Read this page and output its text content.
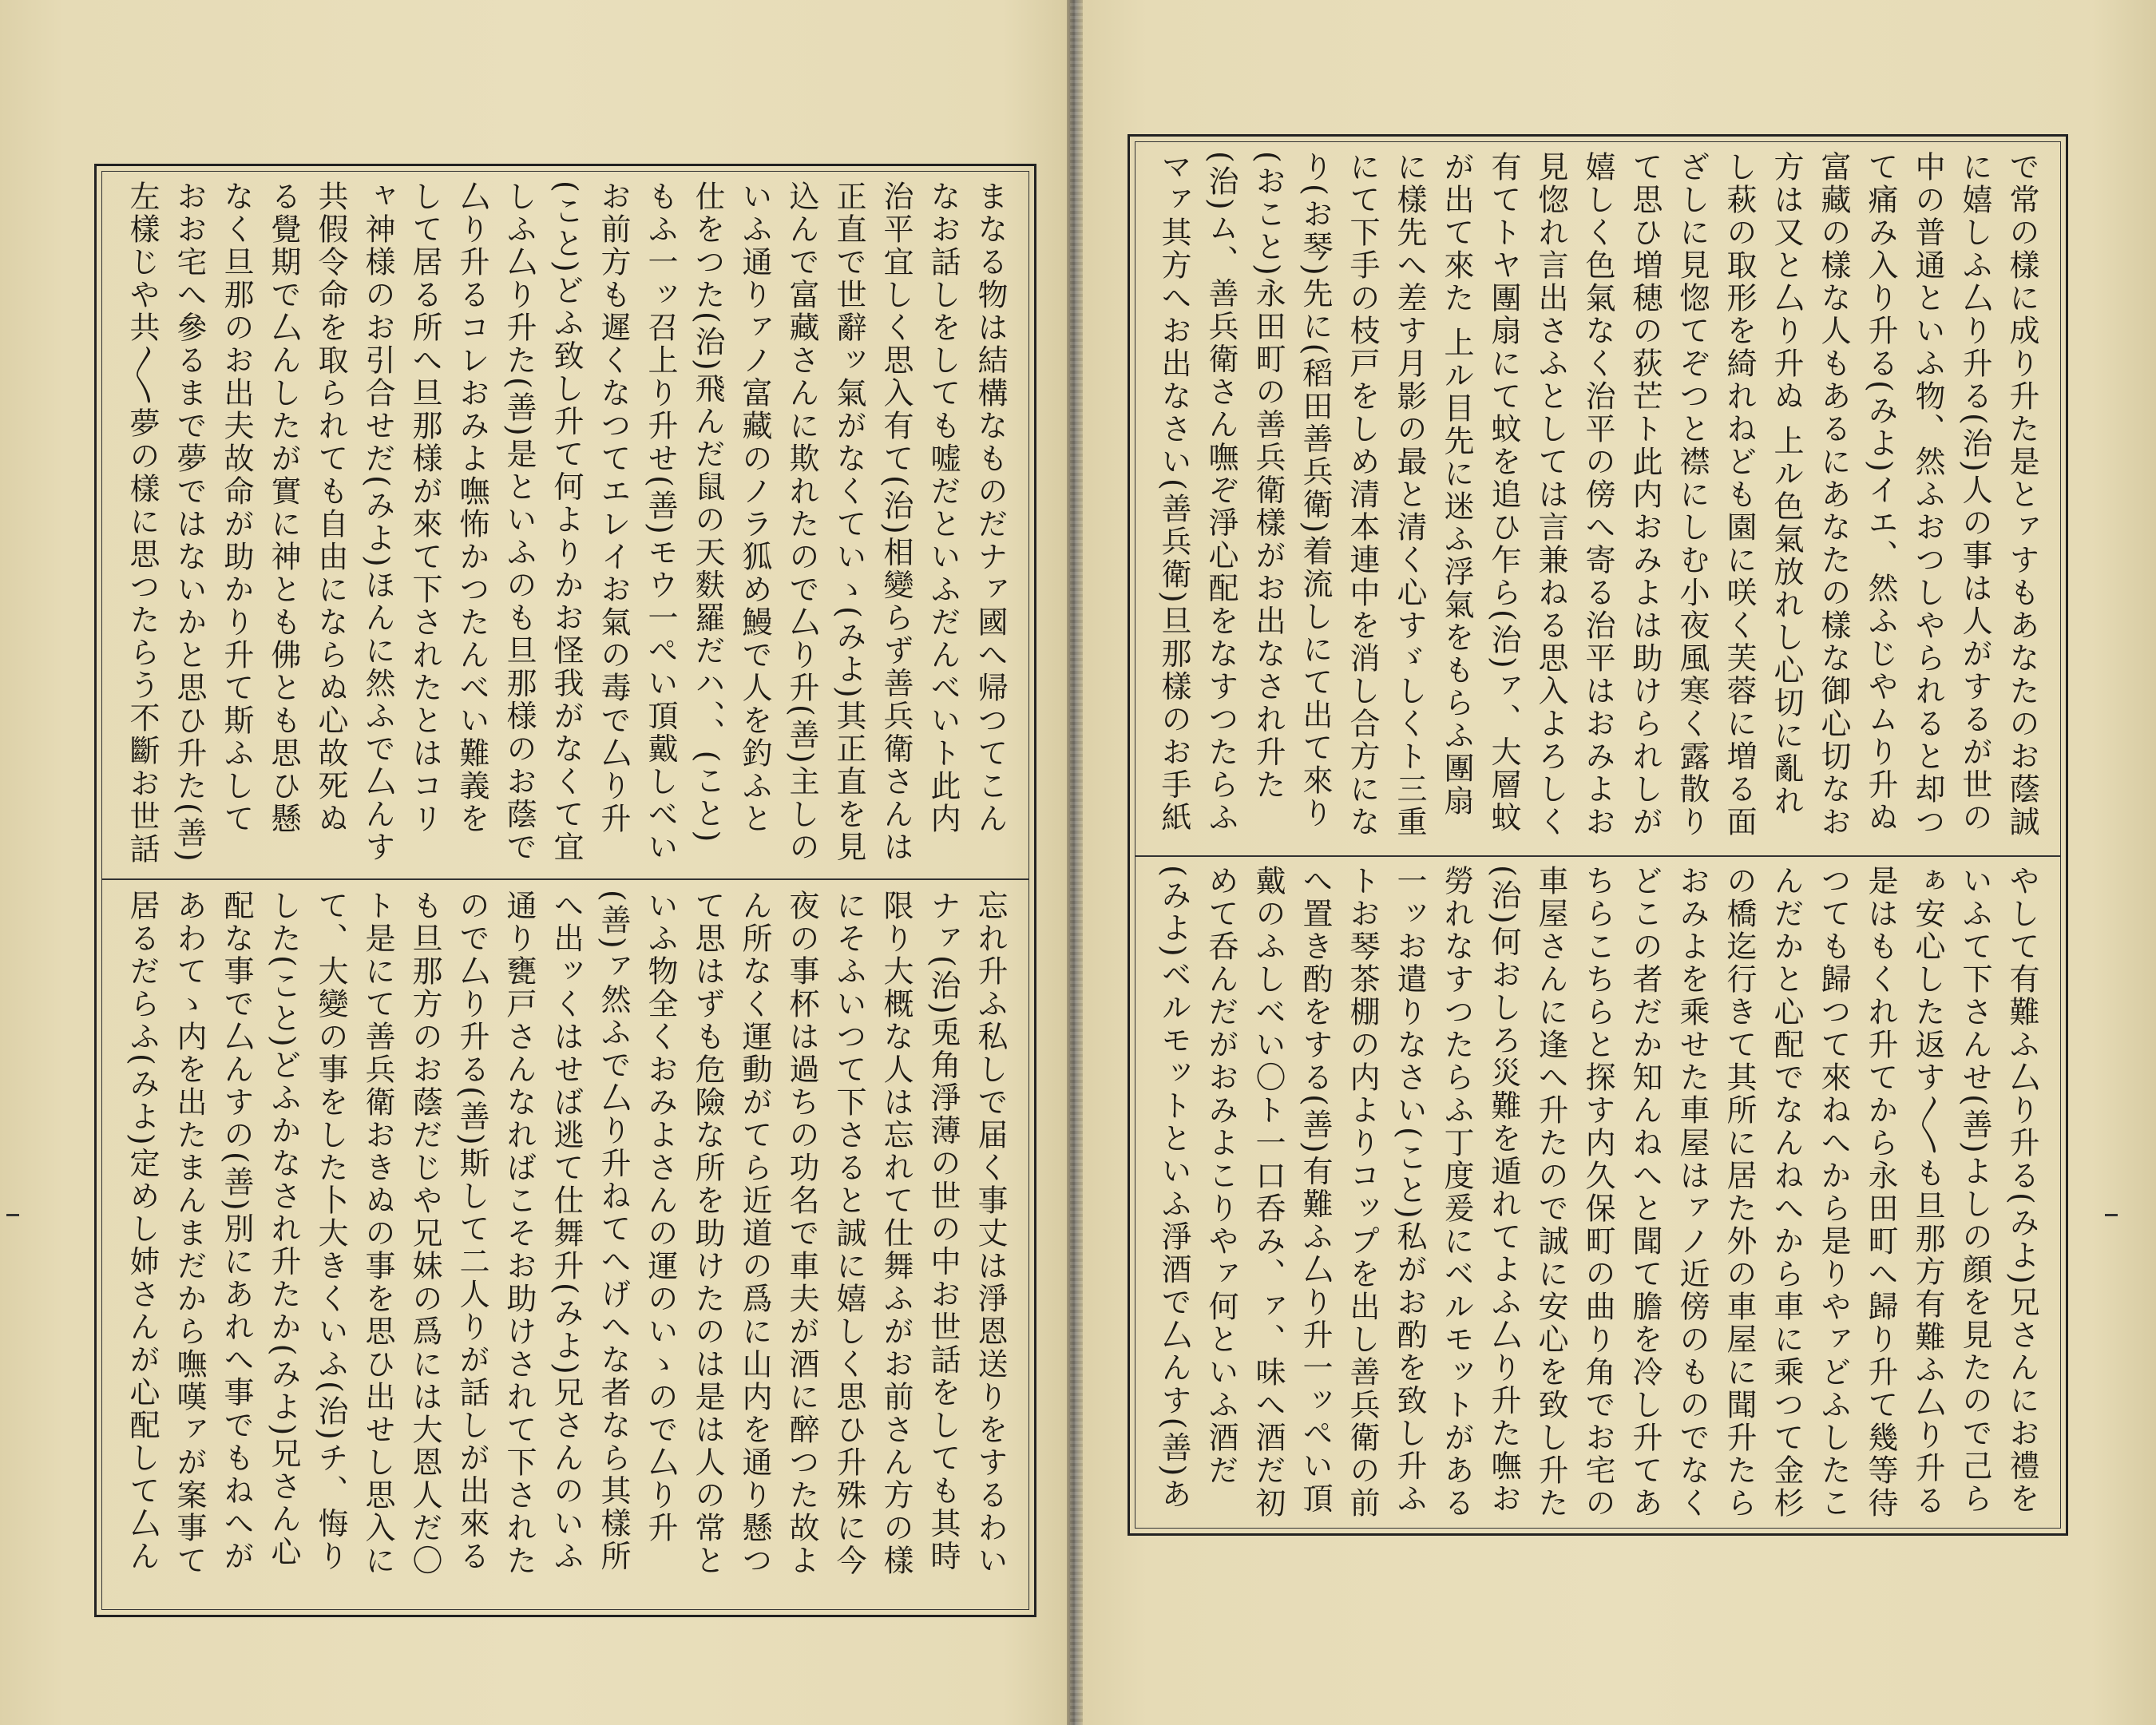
まなる物は結構なものだナァ國へ帰つてこんなお話しをしても嘘だといふだんべいト此内治平宜しく思入有て(治)相變らず善兵衛さんは正直で世辭ッ氣がなくていゝ(みよ)其正直を見込んで富藏さんに欺れたので厶り升(善)主しのいふ通りァノ富藏のノラ狐め鰻で人を釣ふと仕をつた(治)飛んだ鼠の天麩羅だハ、、(こと)もふ一ッ召上り升せ(善)モウ一ぺい頂戴しべいお前方も遲くなつてエレイお氣の毒で厶り升(こと)どふ致し升て何よりかお怪我がなくて宜しふ厶り升た(善)是といふのも旦那様のお蔭で厶り升るコレおみよ嘸怖かつたんべい難義をして居る所へ旦那様が來て下されたとはコリャ神様のお引合せだ(みよ)ほんに然ふで厶んす共假令命を取られても自由にならぬ心故死ぬる覺期で厶んしたが實に神とも佛とも思ひ懸なく旦那のお出夫故命が助かり升て斯ふしておお宅へ參るまで夢ではないかと思ひ升た(善)左樣じや共〳〵夢の樣に思つたらう不斷お世話
忘れ升ふ私しで届く事丈は淨恩送りをするわいナァ(治)兎角淨薄の世の中お世話をしても其時限り大概な人は忘れて仕舞ふがお前さん方の樣にそふいつて下さると誠に嬉しく思ひ升殊に今夜の事杯は過ちの功名で車夫が酒に醉つた故よん所なく運動がてら近道の爲に山内を通り懸つて思はずも危險な所を助けたのは是は人の常といふ物全くおみよさんの運のいゝので厶り升(善)ァ然ふで厶り升ねてへげへな者なら其樣所へ出ッくはせば逃て仕舞升(みよ)兄さんのいふ通り甕戸さんなればこそお助けされて下されたので厶り升る(善)斯して二人りが話しが出來るも旦那方のお蔭だじや兄妹の爲には大恩人だ〇ト是にて善兵衛おきぬの事を思ひ出せし思入にて、大變の事をした卜大きくいふ(治)チ、悔りした(こと)どふかなされ升たか(みよ)兄さん心配な事で厶んすの(善)別にあれへ事でもねへがあわてゝ内を出たまんまだから嘸嘆ァが案事て居るだらふ(みよ)定めし姉さんが心配して厶ん
で常の樣に成り升た是とァすもあなたのお蔭誠に嬉しふ厶り升る(治)人の事は人がするが世の中の普通といふ物、然ふおつしやられると却つて痛み入り升る(みよ)イエ、然ふじやムり升ぬ富藏の樣な人もあるにあなたの樣な御心切なお方は又と厶り升ぬ 上ル色氣放れし心切に亂れし萩の取形を綺れねども園に咲く芙蓉に増る面ざしに見惚てぞつと襟にしむ小夜風寒く露散りて思ひ増穂の荻芒ト此内おみよは助けられしが嬉しく色氣なく治平の傍へ寄る治平はおみよお見惚れ言出さふとしては言兼ねる思入よろしく有てトヤ團扇にて蚊を追ひ乍ら(治)ァ、大層蚊が出て來た 上ル目先に迷ふ浮氣をもらふ團扇に樣先へ差す月影の最と清く心すゞしくト三重にて下手の枝戸をしめ清本連中を消し合方になり(お琴)先に(稻田善兵衛)着流しにて出て來り(おこと)永田町の善兵衛樣がお出なされ升た(治)ム、善兵衛さん嘸ぞ淨心配をなすつたらふマァ其方へお出なさい(善兵衛)旦那樣のお手紙
やして有難ふ厶り升る(みよ)兄さんにお禮をいふて下さんせ(善)よしの顔を見たので己らぁ安心した返す〳〵も旦那方有難ふ厶り升る是はもくれ升てから永田町へ歸り升て幾等待つても歸つて來ねへから是りやァどふしたこんだかと心配でなんねへから車に乘つて金杉の橋迄行きて其所に居た外の車屋に聞升たらおみよを乘せた車屋はァノ近傍のものでなくどこの者だか知んねへと聞て膽を冷し升てあちらこちらと探す内久保町の曲り角でお宅の車屋さんに逢へ升たので誠に安心を致し升た(治)何おしろ災難を遁れてよふ厶り升た嘸お勞れなすつたらふ丁度爰にベルモットがある一ッお遣りなさい(こと)私がお酌を致し升ふトお琴茶棚の内よりコップを出し善兵衛の前へ置き酌をする(善)有難ふ厶り升一ッぺい頂戴のふしべい〇ト一口呑み、ァ、味へ酒だ初めて呑んだがおみよこりやァ何といふ酒だ(みよ)ベルモットといふ淨酒で厶んす(善)あ
